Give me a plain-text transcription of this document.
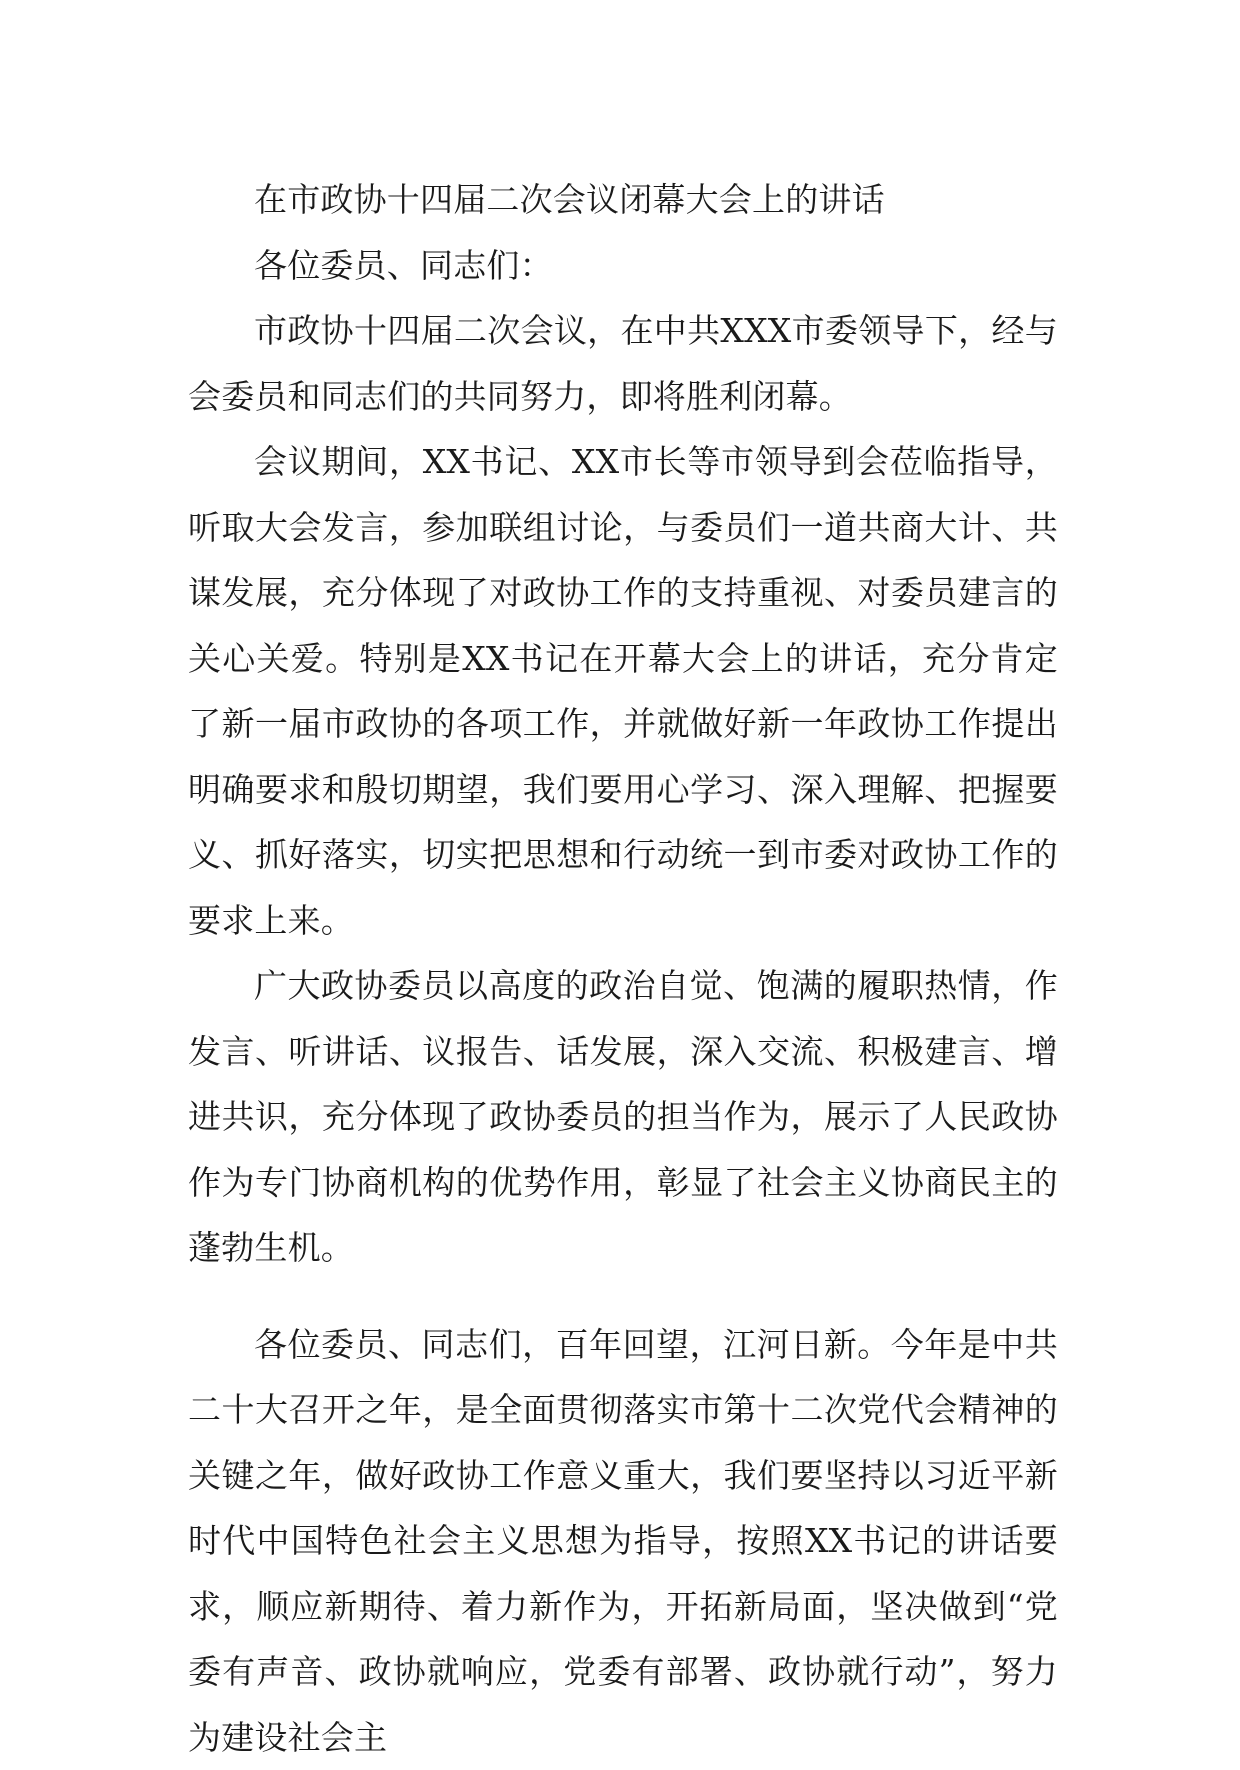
在市政协十四届二次会议闭幕大会上的讲话

各位委员、同志们：

市政协十四届二次会议，在中共XXX市委领导下，经与会委员和同志们的共同努力，即将胜利闭幕。

会议期间，XX书记、XX市长等市领导到会莅临指导，听取大会发言，参加联组讨论，与委员们一道共商大计、共谋发展，充分体现了对政协工作的支持重视、对委员建言的关心关爱。特别是XX书记在开幕大会上的讲话，充分肯定了新一届市政协的各项工作，并就做好新一年政协工作提出明确要求和殷切期望，我们要用心学习、深入理解、把握要义、抓好落实，切实把思想和行动统一到市委对政协工作的要求上来。

广大政协委员以高度的政治自觉、饱满的履职热情，作发言、听讲话、议报告、话发展，深入交流、积极建言、增进共识，充分体现了政协委员的担当作为，展示了人民政协作为专门协商机构的优势作用，彰显了社会主义协商民主的蓬勃生机。

各位委员、同志们，百年回望，江河日新。今年是中共二十大召开之年，是全面贯彻落实市第十二次党代会精神的关键之年，做好政协工作意义重大，我们要坚持以习近平新时代中国特色社会主义思想为指导，按照XX书记的讲话要求，顺应新期待、着力新作为，开拓新局面，坚决做到“党委有声音、政协就响应，党委有部署、政协就行动”，努力为建设社会主
